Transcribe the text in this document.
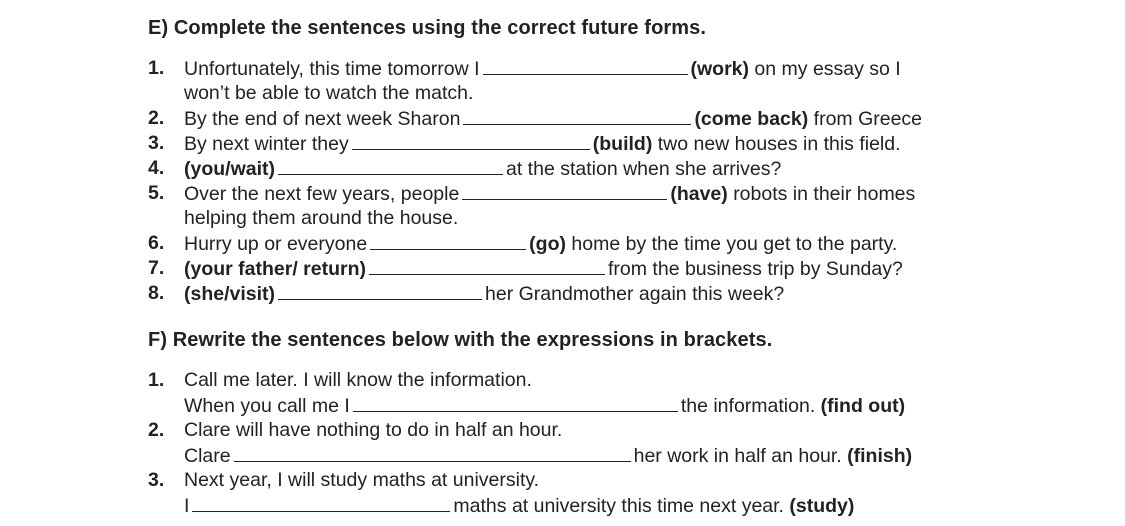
E) Complete the sentences using the correct future forms.
1. Unfortunately, this time tomorrow I	(work) on my essay so I
won’t be able to watch the match.
2. By the end of next week Sharon	(come back) from Greece
3. By next winter they	(build) two new houses in this field.
4. (you/wait)	at the station when she arrives?
5. Over the next few years, people	(have) robots in their homes
helping them around the house.
6. Hurry up or everyone	(go) home by the time you get to the party.
7. (your father/ return)	from the business trip by Sunday?
8. (she/visit)	her Grandmother again this week?
F) Rewrite the sentences below with the expressions in brackets.
1. Call me later. I will know the information.
When you call me I	the information. (find out)
2. Clare will have nothing to do in half an hour.
Clare	her work in half an hour. (finish)
3. Next year, I will study maths at university.
I	maths at university this time next year. (study)
